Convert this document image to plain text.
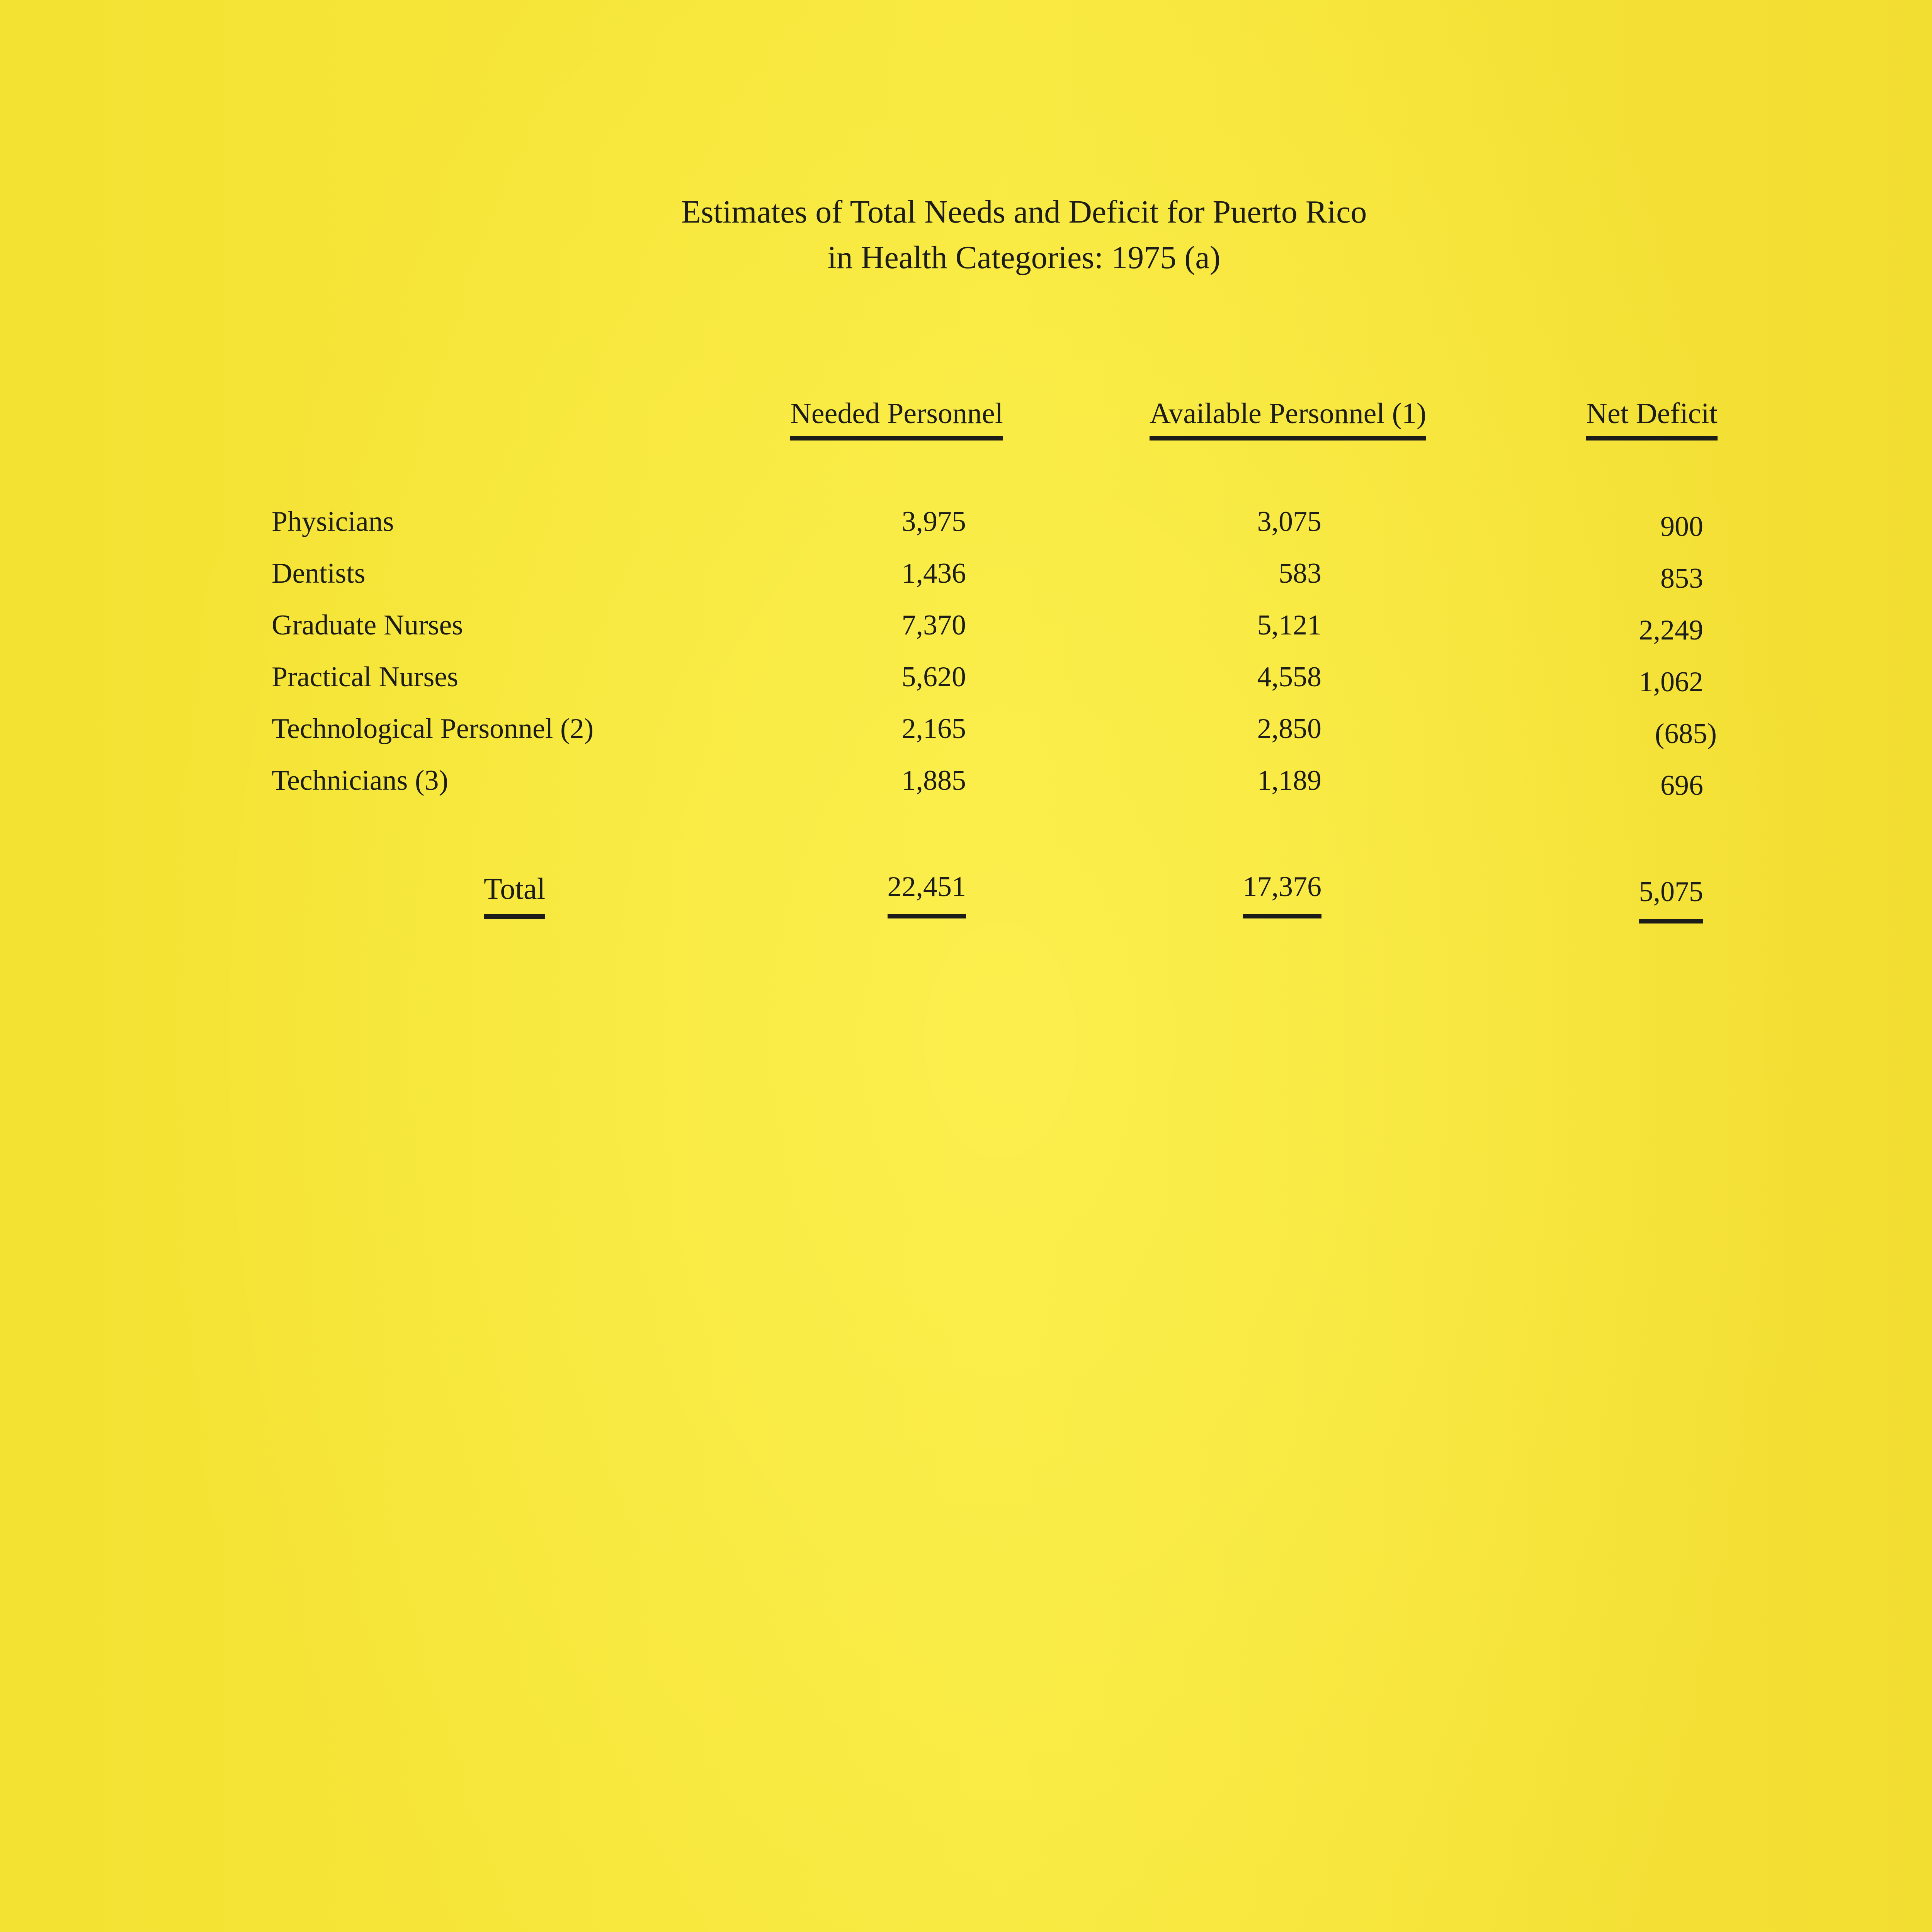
Estimates of Total Needs and Deficit for Puerto Rico
in Health Categories: 1975 (a)
Needed Personnel	Available Personnel (1)	Net Deficit
Physicians	3,975	3,075	900
Dentists	1,436	583	853
Graduate Nurses	7,370	5,121	2,249
Practical Nurses	5,620	4,558	1,062
Technological Personnel (2)	2,165	2,850	(685)
Technicians (3)	1,885	1,189	696
Total	22,451	17,376	5,075
